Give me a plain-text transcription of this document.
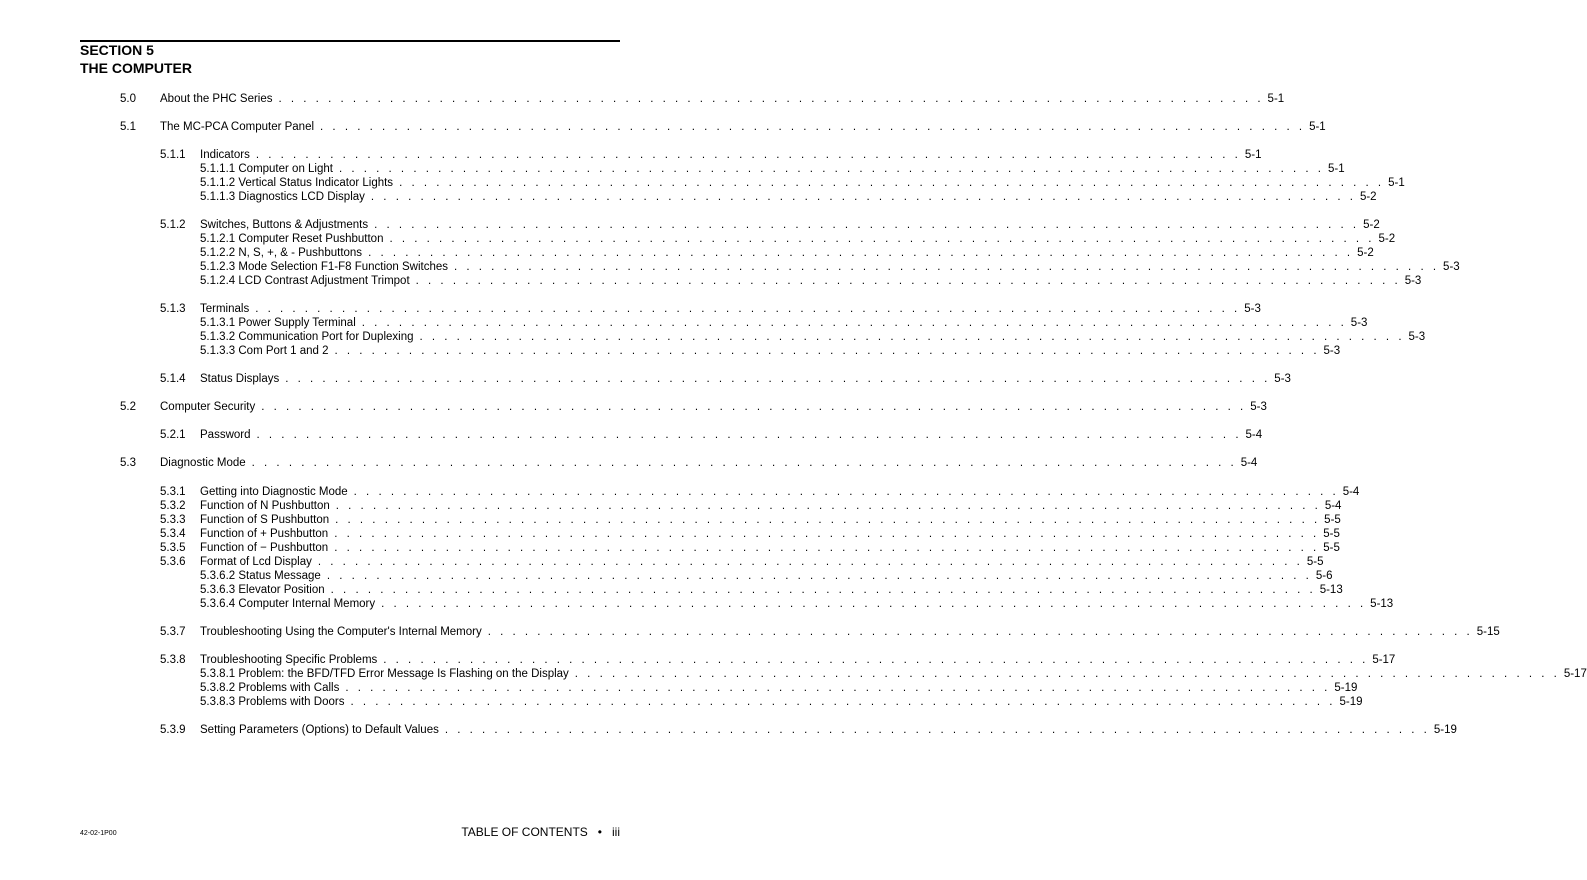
SECTION 5
THE COMPUTER
5.0 About the PHC Series . . . . . . . . . . . . . . . . . . . . . . . . . . . . . . . . . . . . . . . . . . . . . . . . . . . . . . . . . . . . . . . . . . . . . . . . . . . . . . . . 5-1
5.1 The MC-PCA Computer Panel . . . . . . . . . . . . . . . . . . . . . . . . . . . . . . . . . . . . . . . . . . . . . . . . . . . . . . . . . . . . . . . . . . . . . . . . . . . . . . . . 5-1
5.1.1 Indicators . . . . . . . . . . . . . . . . . . . . . . . . . . . . . . . . . . . . . . . . . . . . . . . . . . . . . . . . . . . . . . . . . . . . . . . . . . . . . . . . 5-1
5.1.1.1 Computer on Light . . . . . . . . . . . . . . . . . . . . . . . . . . . . . . . . . . . . . . . . . . . . . . . . . . . . . . . . . . . . . . . . . . . . . . . . . . . . . . . . 5-1
5.1.1.2 Vertical Status Indicator Lights . . . . . . . . . . . . . . . . . . . . . . . . . . . . . . . . . . . . . . . . . . . . . . . . . . . . . . . . . . . . . . . . . . . . . . . . . . . . . . . . 5-1
5.1.1.3 Diagnostics LCD Display . . . . . . . . . . . . . . . . . . . . . . . . . . . . . . . . . . . . . . . . . . . . . . . . . . . . . . . . . . . . . . . . . . . . . . . . . . . . . . . . 5-2
5.1.2 Switches, Buttons & Adjustments . . . . . . . . . . . . . . . . . . . . . . . . . . . . . . . . . . . . . . . . . . . . . . . . . . . . . . . . . . . . . . . . . . . . . . . . . . . . . . . . 5-2
5.1.2.1 Computer Reset Pushbutton . . . . . . . . . . . . . . . . . . . . . . . . . . . . . . . . . . . . . . . . . . . . . . . . . . . . . . . . . . . . . . . . . . . . . . . . . . . . . . . . 5-2
5.1.2.2 N, S, +, & - Pushbuttons . . . . . . . . . . . . . . . . . . . . . . . . . . . . . . . . . . . . . . . . . . . . . . . . . . . . . . . . . . . . . . . . . . . . . . . . . . . . . . . . 5-2
5.1.2.3 Mode Selection F1-F8 Function Switches . . . . . . . . . . . . . . . . . . . . . . . . . . . . . . . . . . . . . . . . . . . . . . . . . . . . . . . . . . . . . . . . . . . . . . . . . . . . . . . . 5-3
5.1.2.4 LCD Contrast Adjustment Trimpot . . . . . . . . . . . . . . . . . . . . . . . . . . . . . . . . . . . . . . . . . . . . . . . . . . . . . . . . . . . . . . . . . . . . . . . . . . . . . . . . 5-3
5.1.3 Terminals . . . . . . . . . . . . . . . . . . . . . . . . . . . . . . . . . . . . . . . . . . . . . . . . . . . . . . . . . . . . . . . . . . . . . . . . . . . . . . . . 5-3
5.1.3.1 Power Supply Terminal . . . . . . . . . . . . . . . . . . . . . . . . . . . . . . . . . . . . . . . . . . . . . . . . . . . . . . . . . . . . . . . . . . . . . . . . . . . . . . . . 5-3
5.1.3.2 Communication Port for Duplexing . . . . . . . . . . . . . . . . . . . . . . . . . . . . . . . . . . . . . . . . . . . . . . . . . . . . . . . . . . . . . . . . . . . . . . . . . . . . . . . . 5-3
5.1.3.3 Com Port 1 and 2 . . . . . . . . . . . . . . . . . . . . . . . . . . . . . . . . . . . . . . . . . . . . . . . . . . . . . . . . . . . . . . . . . . . . . . . . . . . . . . . . 5-3
5.1.4 Status Displays . . . . . . . . . . . . . . . . . . . . . . . . . . . . . . . . . . . . . . . . . . . . . . . . . . . . . . . . . . . . . . . . . . . . . . . . . . . . . . . . 5-3
5.2 Computer Security . . . . . . . . . . . . . . . . . . . . . . . . . . . . . . . . . . . . . . . . . . . . . . . . . . . . . . . . . . . . . . . . . . . . . . . . . . . . . . . . 5-3
5.2.1 Password . . . . . . . . . . . . . . . . . . . . . . . . . . . . . . . . . . . . . . . . . . . . . . . . . . . . . . . . . . . . . . . . . . . . . . . . . . . . . . . . 5-4
5.3 Diagnostic Mode . . . . . . . . . . . . . . . . . . . . . . . . . . . . . . . . . . . . . . . . . . . . . . . . . . . . . . . . . . . . . . . . . . . . . . . . . . . . . . . . 5-4
5.3.1 Getting into Diagnostic Mode . . . . . . . . . . . . . . . . . . . . . . . . . . . . . . . . . . . . . . . . . . . . . . . . . . . . . . . . . . . . . . . . . . . . . . . . . . . . . . . . 5-4
5.3.2 Function of N Pushbutton . . . . . . . . . . . . . . . . . . . . . . . . . . . . . . . . . . . . . . . . . . . . . . . . . . . . . . . . . . . . . . . . . . . . . . . . . . . . . . . . 5-4
5.3.3 Function of S Pushbutton . . . . . . . . . . . . . . . . . . . . . . . . . . . . . . . . . . . . . . . . . . . . . . . . . . . . . . . . . . . . . . . . . . . . . . . . . . . . . . . . 5-5
5.3.4 Function of + Pushbutton . . . . . . . . . . . . . . . . . . . . . . . . . . . . . . . . . . . . . . . . . . . . . . . . . . . . . . . . . . . . . . . . . . . . . . . . . . . . . . . . 5-5
5.3.5 Function of − Pushbutton . . . . . . . . . . . . . . . . . . . . . . . . . . . . . . . . . . . . . . . . . . . . . . . . . . . . . . . . . . . . . . . . . . . . . . . . . . . . . . . . 5-5
5.3.6 Format of Lcd Display . . . . . . . . . . . . . . . . . . . . . . . . . . . . . . . . . . . . . . . . . . . . . . . . . . . . . . . . . . . . . . . . . . . . . . . . . . . . . . . . 5-5
5.3.6.2 Status Message . . . . . . . . . . . . . . . . . . . . . . . . . . . . . . . . . . . . . . . . . . . . . . . . . . . . . . . . . . . . . . . . . . . . . . . . . . . . . . . . 5-6
5.3.6.3 Elevator Position . . . . . . . . . . . . . . . . . . . . . . . . . . . . . . . . . . . . . . . . . . . . . . . . . . . . . . . . . . . . . . . . . . . . . . . . . . . . . . . . 5-13
5.3.6.4 Computer Internal Memory . . . . . . . . . . . . . . . . . . . . . . . . . . . . . . . . . . . . . . . . . . . . . . . . . . . . . . . . . . . . . . . . . . . . . . . . . . . . . . . . 5-13
5.3.7 Troubleshooting Using the Computer's Internal Memory . . . . . . . . . . . . . . . . . . . . . . . . . . . . . . . . . . . . . . . . . . . . . . . . . . . . . . . . . . . . . . . . . . . . . . . . . . . . . . . . 5-15
5.3.8 Troubleshooting Specific Problems . . . . . . . . . . . . . . . . . . . . . . . . . . . . . . . . . . . . . . . . . . . . . . . . . . . . . . . . . . . . . . . . . . . . . . . . . . . . . . . . 5-17
5.3.8.1 Problem: the BFD/TFD Error Message Is Flashing on the Display . . . . . . . . . . . . . . . . . . . . . . . . . . . . . . . . . . . . . . . . . . . . . . . . . . . . . . . . . . . . . . . . . . . . . . . . . . . . . . . . 5-17
5.3.8.2 Problems with Calls . . . . . . . . . . . . . . . . . . . . . . . . . . . . . . . . . . . . . . . . . . . . . . . . . . . . . . . . . . . . . . . . . . . . . . . . . . . . . . . . 5-19
5.3.8.3 Problems with Doors . . . . . . . . . . . . . . . . . . . . . . . . . . . . . . . . . . . . . . . . . . . . . . . . . . . . . . . . . . . . . . . . . . . . . . . . . . . . . . . . 5-19
5.3.9 Setting Parameters (Options) to Default Values . . . . . . . . . . . . . . . . . . . . . . . . . . . . . . . . . . . . . . . . . . . . . . . . . . . . . . . . . . . . . . . . . . . . . . . . . . . . . . . . 5-19
42-02-1P00	TABLE OF CONTENTS • iii
